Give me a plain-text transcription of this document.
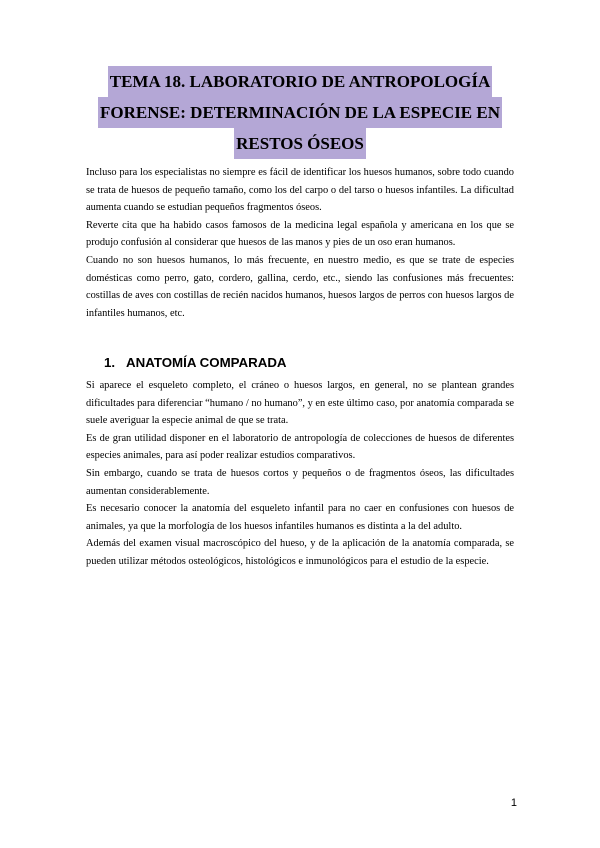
TEMA 18. LABORATORIO DE ANTROPOLOGÍA
FORENSE: DETERMINACIÓN DE LA ESPECIE EN
RESTOS ÓSEOS

Incluso para los especialistas no siempre es fácil de identificar los huesos humanos, sobre todo cuando se trata de huesos de pequeño tamaño, como los del carpo o del tarso o huesos infantiles. La dificultad aumenta cuando se estudian pequeños fragmentos óseos.

Reverte cita que ha habido casos famosos de la medicina legal española y americana en los que se produjo confusión al considerar que huesos de las manos y pies de un oso eran humanos.

Cuando no son huesos humanos, lo más frecuente, en nuestro medio, es que se trate de especies domésticas como perro, gato, cordero, gallina, cerdo, etc., siendo las confusiones más frecuentes: costillas de aves con costillas de recién nacidos humanos, huesos largos de perros con huesos largos de infantiles humanos, etc.

1. ANATOMÍA COMPARADA

Si aparece el esqueleto completo, el cráneo o huesos largos, en general, no se plantean grandes dificultades para diferenciar “humano / no humano”, y en este último caso, por anatomía comparada se suele averiguar la especie animal de que se trata.

Es de gran utilidad disponer en el laboratorio de antropología de colecciones de huesos de diferentes especies animales, para así poder realizar estudios comparativos.

Sin embargo, cuando se trata de huesos cortos y pequeños o de fragmentos óseos, las dificultades aumentan considerablemente.

Es necesario conocer la anatomía del esqueleto infantil para no caer en confusiones con huesos de animales, ya que la morfología de los huesos infantiles humanos es distinta a la del adulto.

Además del examen visual macroscópico del hueso, y de la aplicación de la anatomía comparada, se pueden utilizar métodos osteológicos, histológicos e inmunológicos para el estudio de la especie.

1
